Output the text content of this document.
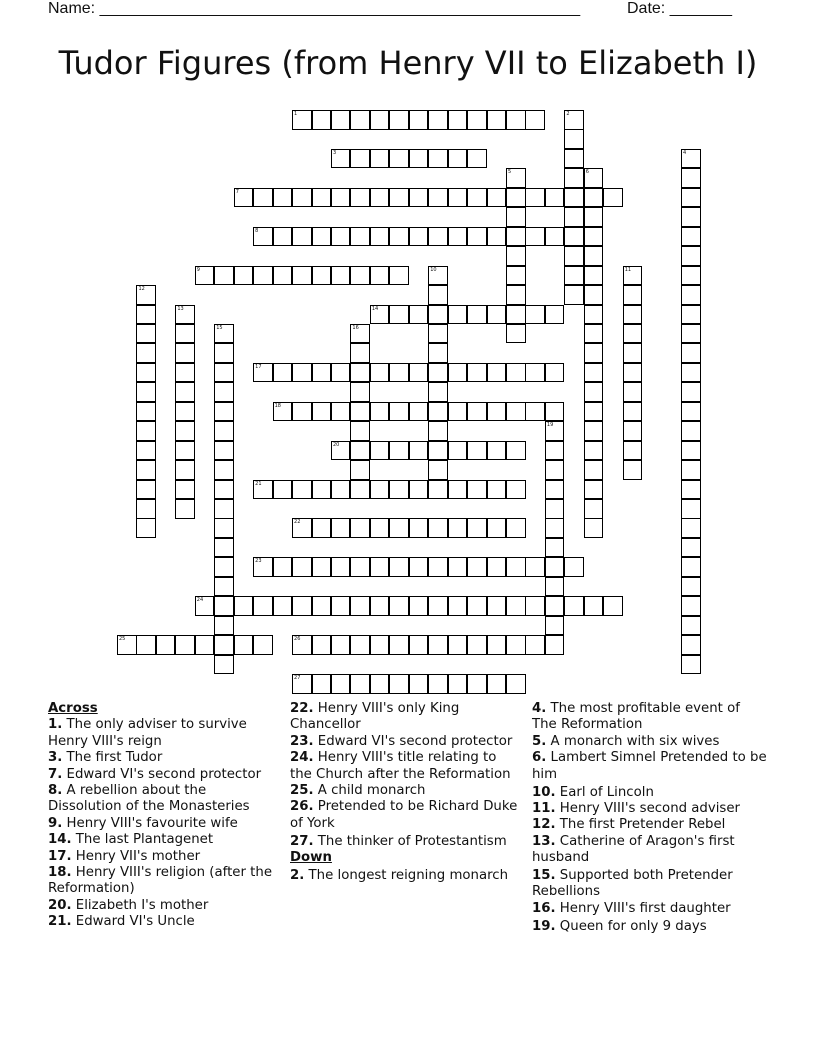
Name: ______________________________________________________	Date: _______
Tudor Figures (from Henry VII to Elizabeth I)
1	2
3	4
5	6
7
8
9	10	11
12
13	14
15	16
17
18
19
20
21
22
23
24
25	26
27

Across

1. The only adviser to survive Henry VIII's reign

3. The first Tudor

7. Edward VI's second protector

8. A rebellion about the Dissolution of the Monasteries

9. Henry VIII's favourite wife

14. The last Plantagenet

17. Henry VII's mother

18. Henry VIII's religion (after the Reformation)

20. Elizabeth I's mother

21. Edward VI's Uncle

22. Henry VIII's only King Chancellor

23. Edward VI's second protector

24. Henry VIII's title relating to the Church after the Reformation

25. A child monarch

26. Pretended to be Richard Duke of York

27. The thinker of Protestantism

Down

2. The longest reigning monarch

4. The most profitable event of The Reformation

5. A monarch with six wives

6. Lambert Simnel Pretended to be him

10. Earl of Lincoln

11. Henry VIII's second adviser

12. The first Pretender Rebel

13. Catherine of Aragon's first husband

15. Supported both Pretender Rebellions

16. Henry VIII's first daughter

19. Queen for only 9 days
